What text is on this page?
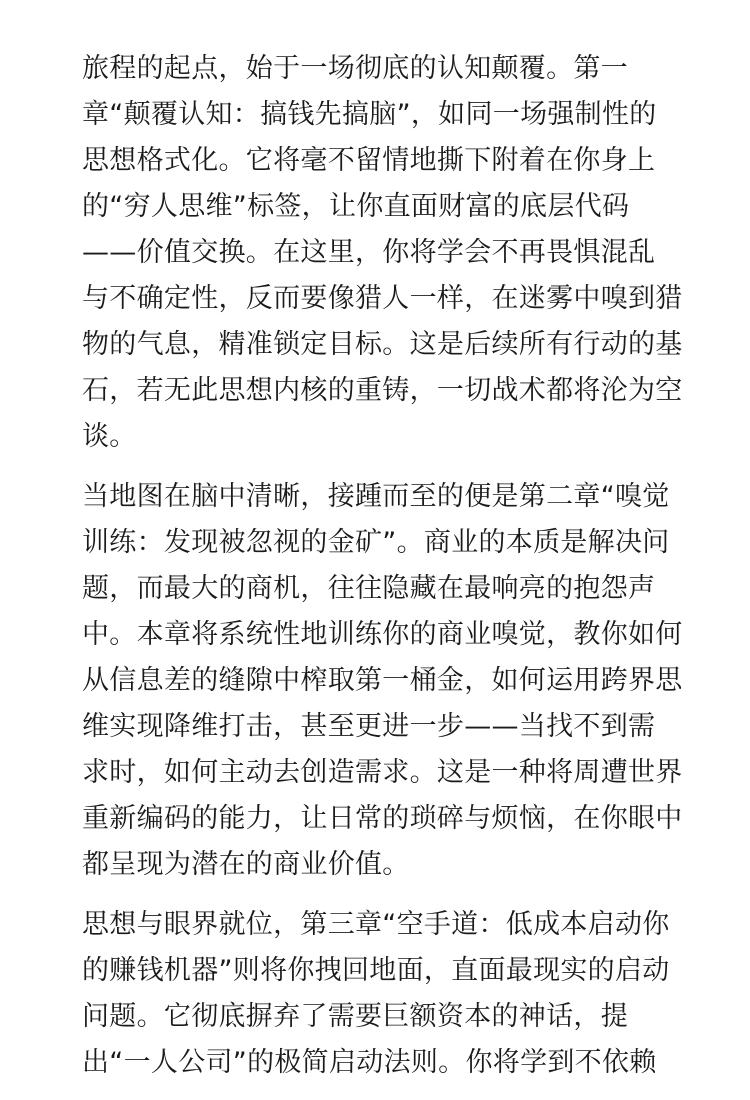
旅程的起点，始于一场彻底的认知颠覆。第一
章“颠覆认知：搞钱先搞脑”，如同一场强制性的
思想格式化。它将毫不留情地撕下附着在你身上
的“穷人思维”标签，让你直面财富的底层代码
——价值交换。在这里，你将学会不再畏惧混乱
与不确定性，反而要像猎人一样，在迷雾中嗅到猎
物的气息，精准锁定目标。这是后续所有行动的基
石，若无此思想内核的重铸，一切战术都将沦为空
谈。
当地图在脑中清晰，接踵而至的便是第二章“嗅觉
训练：发现被忽视的金矿”。商业的本质是解决问
题，而最大的商机，往往隐藏在最响亮的抱怨声
中。本章将系统性地训练你的商业嗅觉，教你如何
从信息差的缝隙中榨取第一桶金，如何运用跨界思
维实现降维打击，甚至更进一步——当找不到需
求时，如何主动去创造需求。这是一种将周遭世界
重新编码的能力，让日常的琐碎与烦恼，在你眼中
都呈现为潜在的商业价值。
思想与眼界就位，第三章“空手道：低成本启动你
的赚钱机器”则将你拽回地面，直面最现实的启动
问题。它彻底摒弃了需要巨额资本的神话，提
出“一人公司”的极简启动法则。你将学到不依赖
